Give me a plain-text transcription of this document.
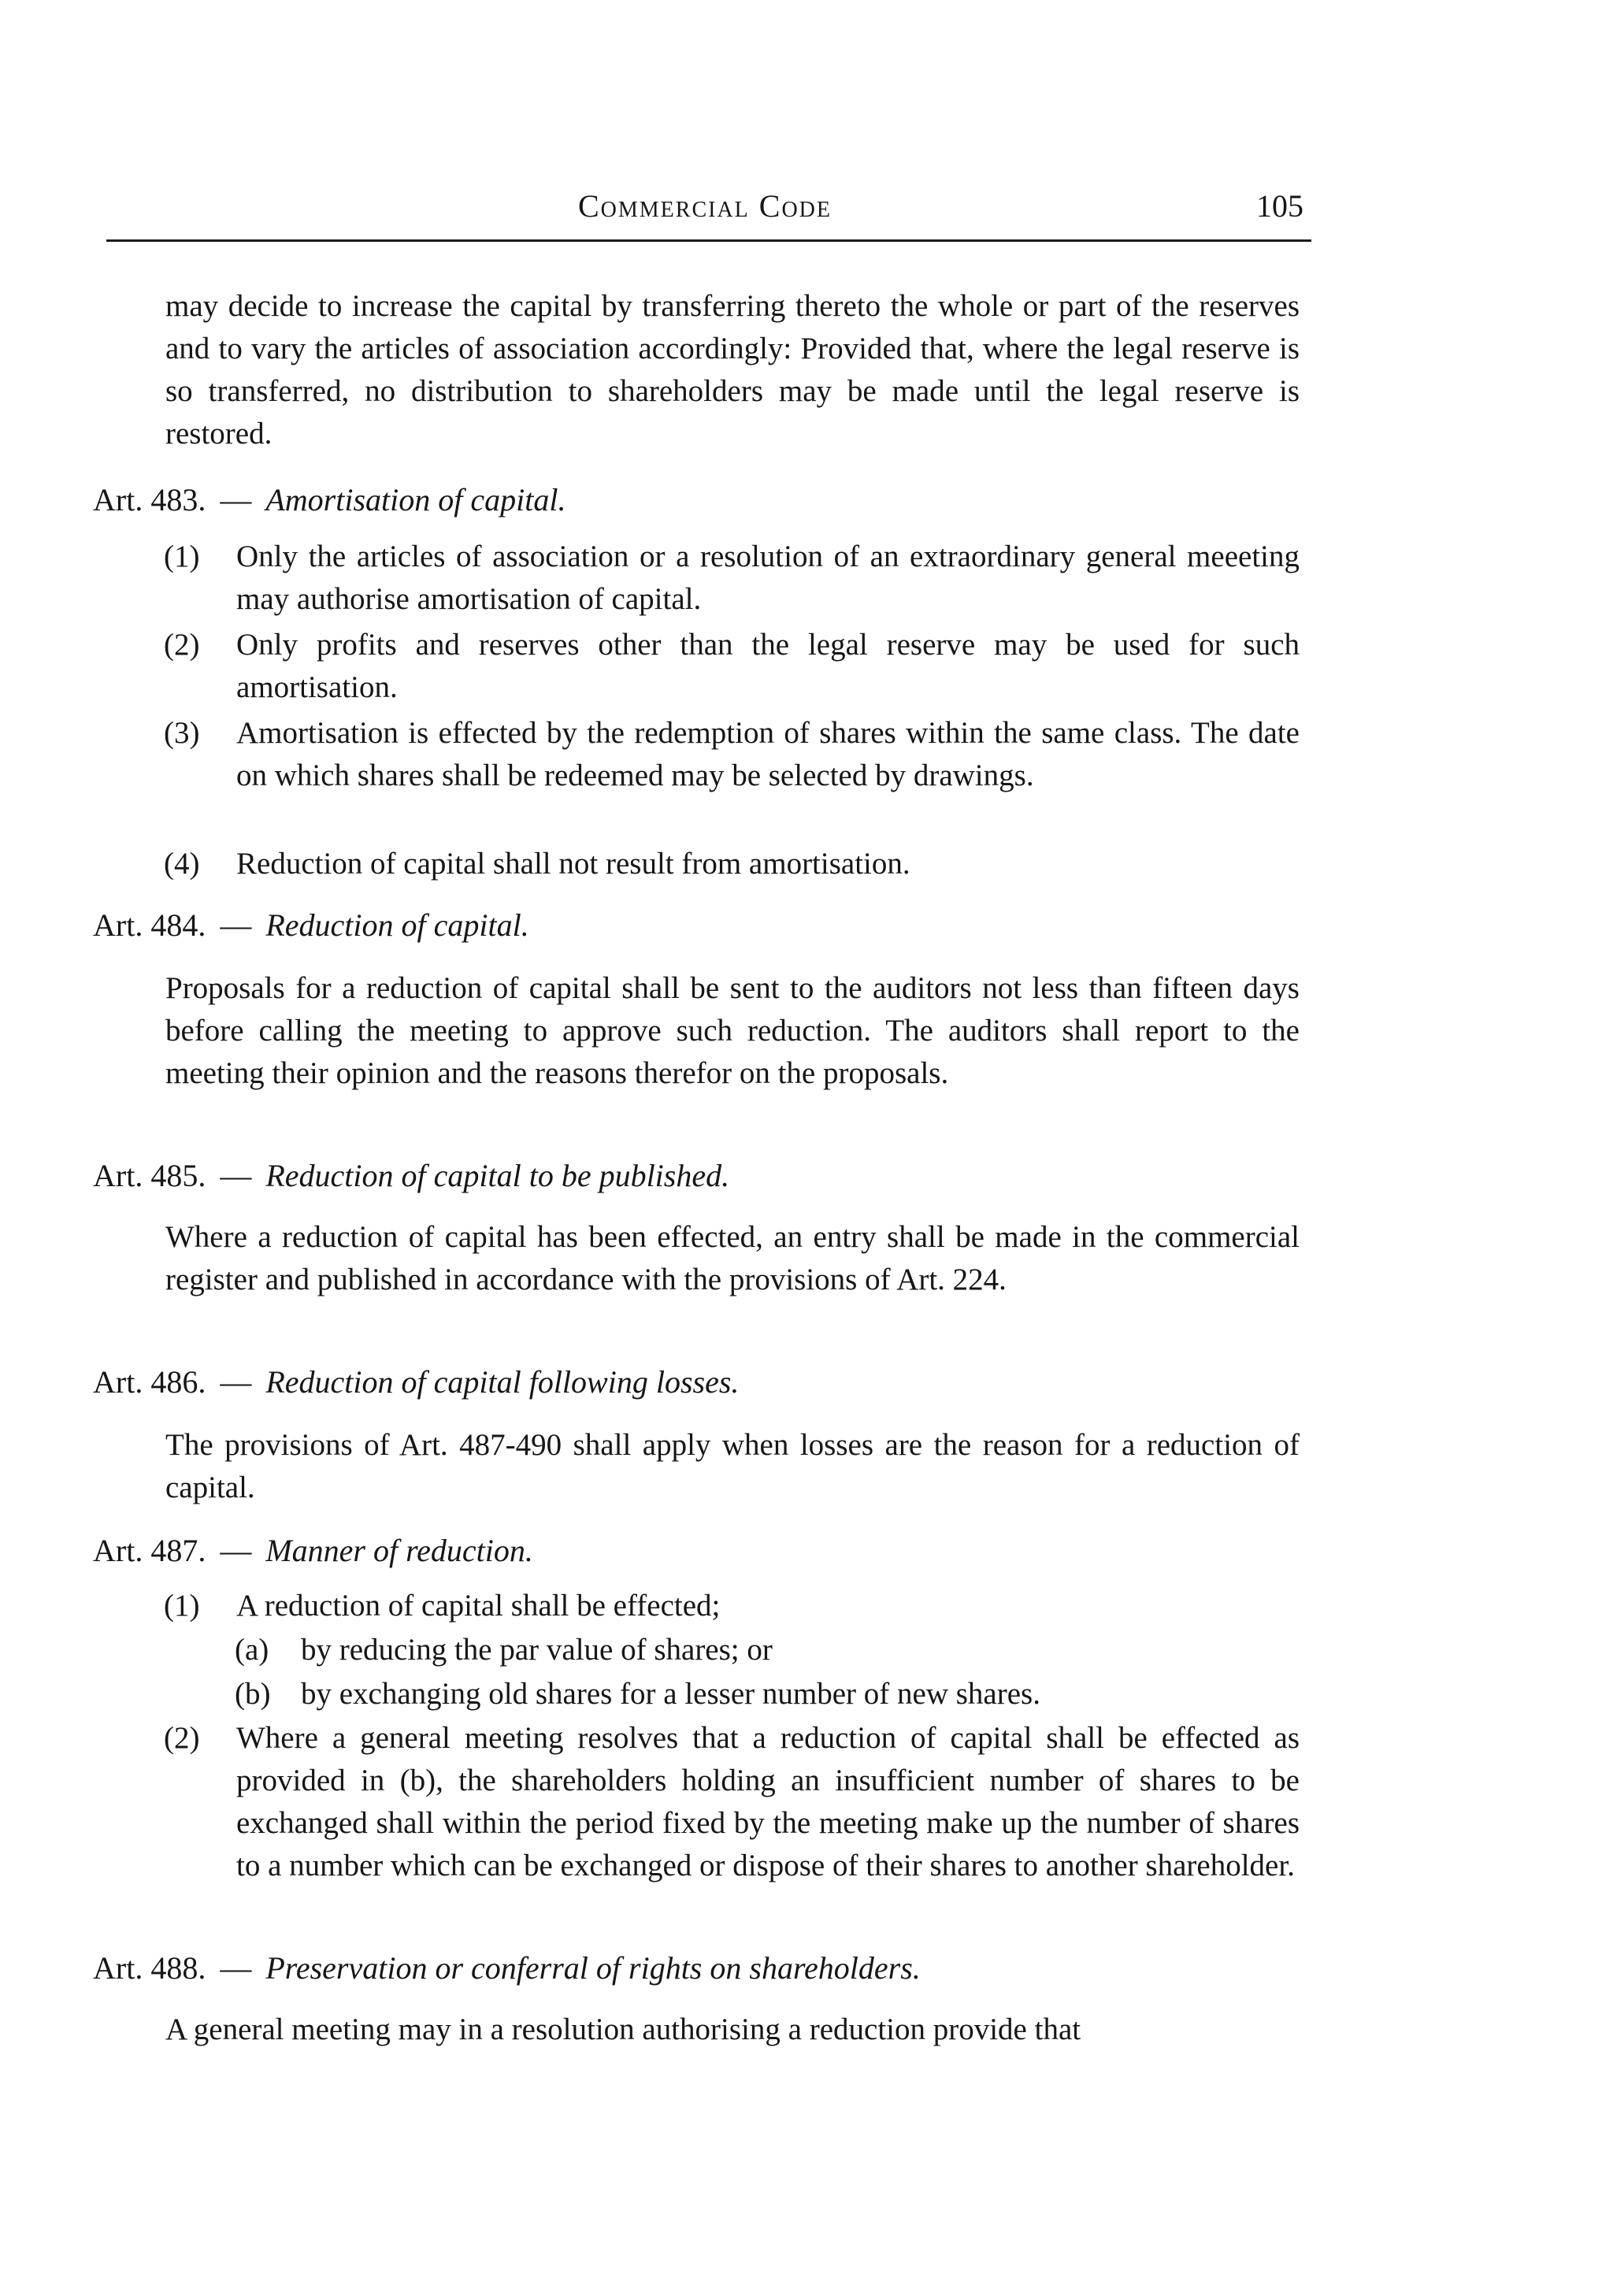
Commercial Code	105

may decide to increase the capital by transferring thereto the whole or part of the reserves and to vary the articles of association accordingly: Provided that, where the legal reserve is so transferred, no distribution to shareholders may be made until the legal reserve is restored.

Art. 483. — Amortisation of capital.
(1)	Only the articles of association or a resolution of an extraordinary general meeeting may authorise amortisation of capital.
(2)	Only profits and reserves other than the legal reserve may be used for such amortisation.
(3)	Amortisation is effected by the redemption of shares within the same class. The date on which shares shall be redeemed may be selected by drawings.
(4)	Reduction of capital shall not result from amortisation.
Art. 484. — Reduction of capital.

Proposals for a reduction of capital shall be sent to the auditors not less than fifteen days before calling the meeting to approve such reduction. The auditors shall report to the meeting their opinion and the reasons therefor on the proposals.

Art. 485. — Reduction of capital to be published.

Where a reduction of capital has been effected, an entry shall be made in the commercial register and published in accordance with the provisions of Art. 224.

Art. 486. — Reduction of capital following losses.

The provisions of Art. 487-490 shall apply when losses are the reason for a reduction of capital.

Art. 487. — Manner of reduction.
(1)	A reduction of capital shall be effected;
(a)	by reducing the par value of shares; or
(b) by exchanging old shares for a lesser number of new shares.
(2)	Where a general meeting resolves that a reduction of capital shall be effected as provided in (b), the shareholders holding an insufficient number of shares to be exchanged shall within the period fixed by the meeting make up the number of shares to a number which can be exchanged or dispose of their shares to another shareholder.
Art. 488. — Preservation or conferral of rights on shareholders.

A general meeting may in a resolution authorising a reduction provide that
